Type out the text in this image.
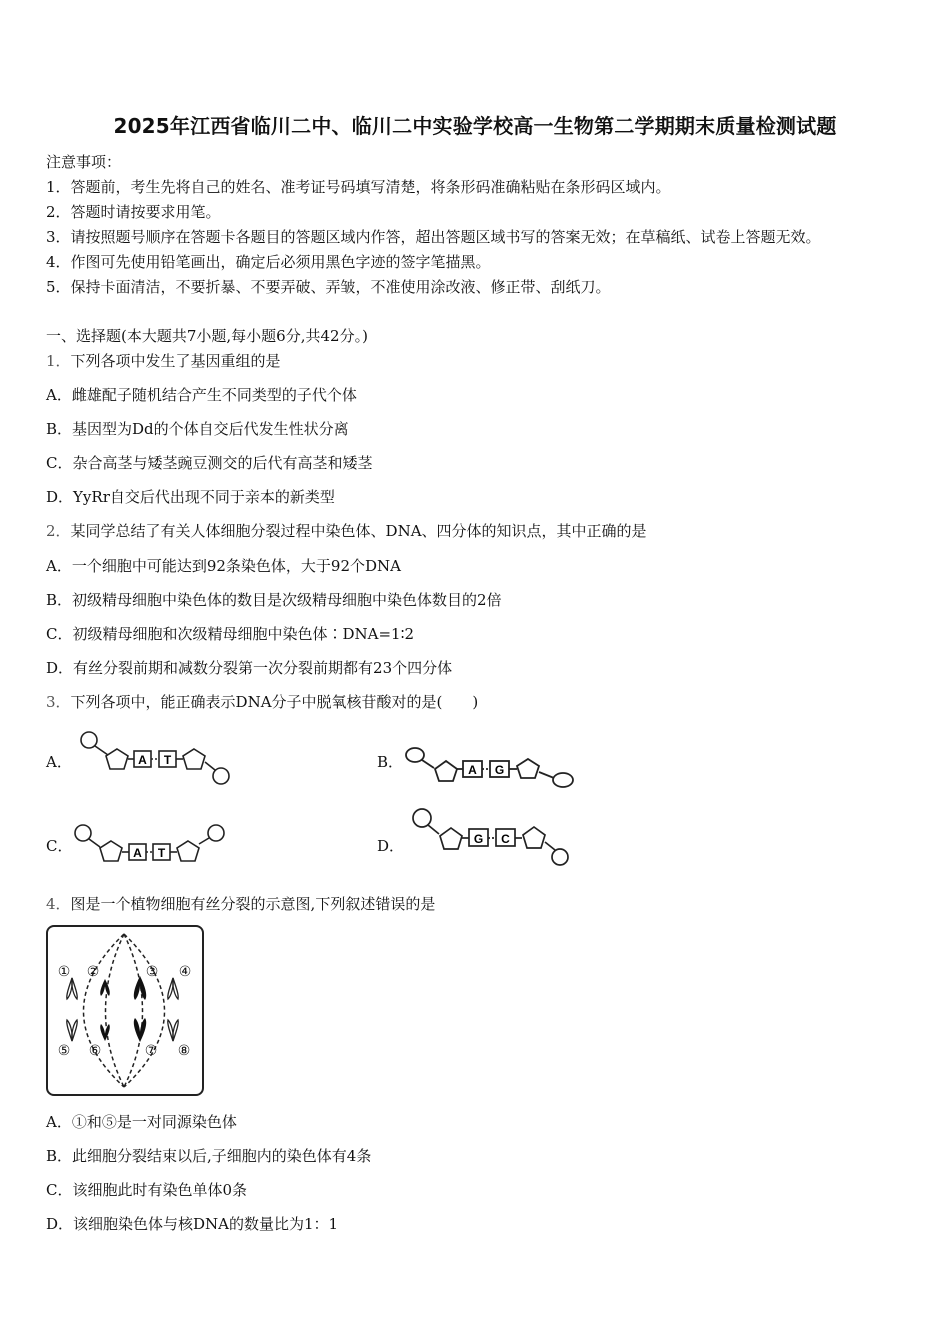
2025年江西省临川二中、临川二中实验学校高一生物第二学期期末质量检测试题
注意事项：
1．答题前，考生先将自己的姓名、准考证号码填写清楚，将条形码准确粘贴在条形码区域内。
2．答题时请按要求用笔。
3．请按照题号顺序在答题卡各题目的答题区域内作答，超出答题区域书写的答案无效；在草稿纸、试卷上答题无效。
4．作图可先使用铅笔画出，确定后必须用黑色字迹的签字笔描黑。
5．保持卡面清洁，不要折暴、不要弄破、弄皱，不准使用涂改液、修正带、刮纸刀。
一、选择题(本大题共7小题,每小题6分,共42分。)
1．下列各项中发生了基因重组的是
A．雌雄配子随机结合产生不同类型的子代个体
B．基因型为Dd的个体自交后代发生性状分离
C．杂合高茎与矮茎豌豆测交的后代有高茎和矮茎
D．YyRr自交后代出现不同于亲本的新类型
2．某同学总结了有关人体细胞分裂过程中染色体、DNA、四分体的知识点，其中正确的是
A．一个细胞中可能达到92条染色体，大于92个DNA
B．初级精母细胞中染色体的数目是次级精母细胞中染色体数目的2倍
C．初级精母细胞和次级精母细胞中染色体∶DNA=1∶2
D．有丝分裂前期和减数分裂第一次分裂前期都有23个四分体
3．下列各项中，能正确表示DNA分子中脱氧核苷酸对的是(　　)
A．	A T	B．	A G
C．	A T	D．	G C
4．图是一个植物细胞有丝分裂的示意图,下列叙述错误的是
① ②	③ ④
⑤ ⑥	⑦ ⑧
A．①和⑤是一对同源染色体
B．此细胞分裂结束以后,子细胞内的染色体有4条
C．该细胞此时有染色单体0条
D．该细胞染色体与核DNA的数量比为1：1
